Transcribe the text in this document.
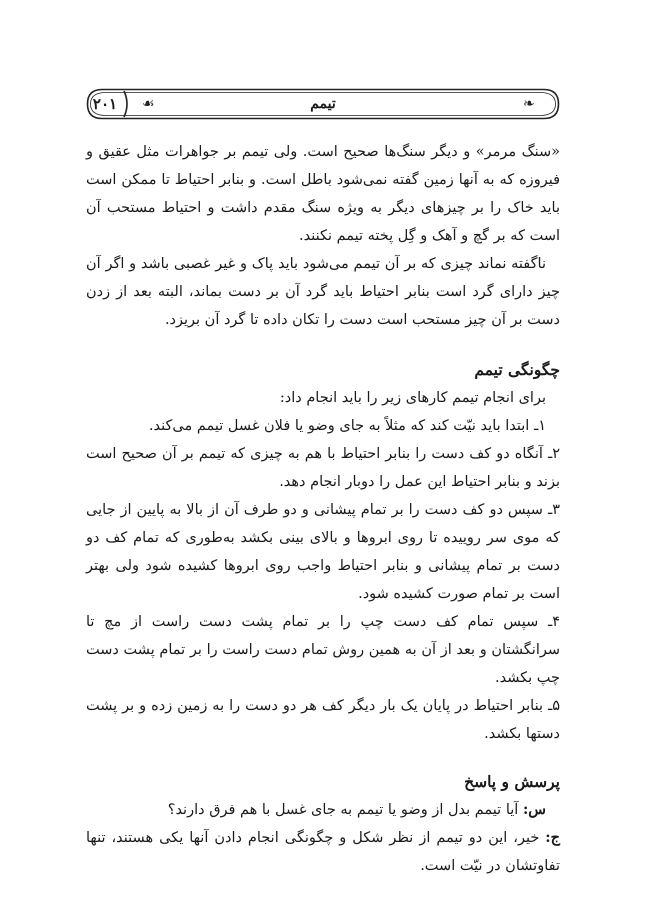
۲۰۱ ☙	تیمم	❧

«سنگ مرمر» و دیگر سنگ‌ها صحیح است. ولی تیمم بر جواهرات مثل عقیق و فیروزه که به آنها زمین گفته نمی‌شود باطل است. و بنابر احتیاط تا ممکن است باید خاک را بر چیزهای دیگر به ویژه سنگ مقدم داشت و احتیاط مستحب آن است که بر گچ و آهک و گِل پخته تیمم نکنند.

ناگفته نماند چیزی که بر آن تیمم می‌شود باید پاک و غیر غصبی باشد و اگر آن چیز دارای گرد است بنابر احتیاط باید گرد آن بر دست بماند، البته بعد از زدن دست بر آن چیز مستحب است دست را تکان داده تا گرد آن بریزد.

چگونگی تیمم

برای انجام تیمم کارهای زیر را باید انجام داد:

۱ـ ابتدا باید نیّت کند که مثلاً به جای وضو یا فلان غسل تیمم می‌کند.

۲ـ آنگاه دو کف دست را بنابر احتیاط با هم به چیزی که تیمم بر آن صحیح است بزند و بنابر احتیاط این عمل را دوبار انجام دهد.

۳ـ سپس دو کف دست را بر تمام پیشانی و دو طرف آن از بالا به پایین از جایی که موی سر روییده تا روی ابروها و بالای بینی بکشد به‌طوری که تمام کف دو دست بر تمام پیشانی و بنابر احتیاط واجب روی ابروها کشیده شود ولی بهتر است بر تمام صورت کشیده شود.

۴ـ سپس تمام کف دست چپ را بر تمام پشت دست راست از مچ تا سرانگشتان و بعد از آن به همین روش تمام دست راست را بر تمام پشت دست چپ بکشد.

۵ـ بنابر احتیاط در پایان یک بار دیگر کف هر دو دست را به زمین زده و بر پشت دستها بکشد.

پرسش و پاسخ

س: آیا تیمم بدل از وضو یا تیمم به جای غسل با هم فرق دارند؟

ج: خیر، این دو تیمم از نظر شکل و چگونگی انجام دادن آنها یکی هستند، تنها تفاوتشان در نیّت است.
